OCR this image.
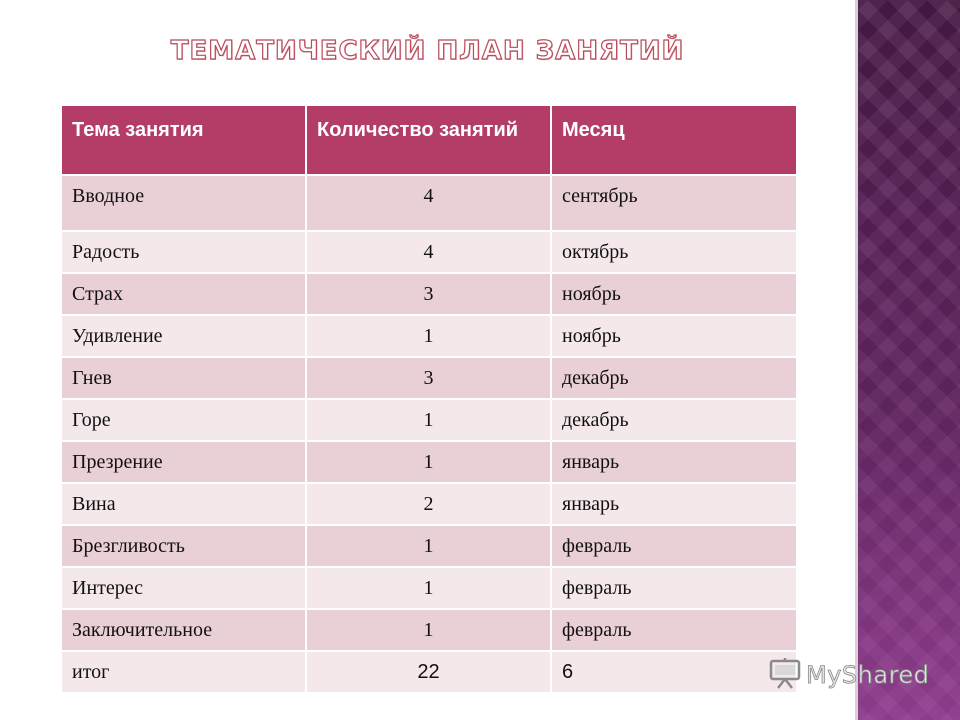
ТЕМАТИЧЕСКИЙ ПЛАН ЗАНЯТИЙ
Тема занятия	Количество занятий	Месяц
Вводное	4	сентябрь
Радость	4	октябрь
Страх	3	ноябрь
Удивление	1	ноябрь
Гнев	3	декабрь
Горе	1	декабрь
Презрение	1	январь
Вина	2	январь
Брезгливость	1	февраль
Интерес	1	февраль
Заключительное	1	февраль
итог	22	6	MyShared
